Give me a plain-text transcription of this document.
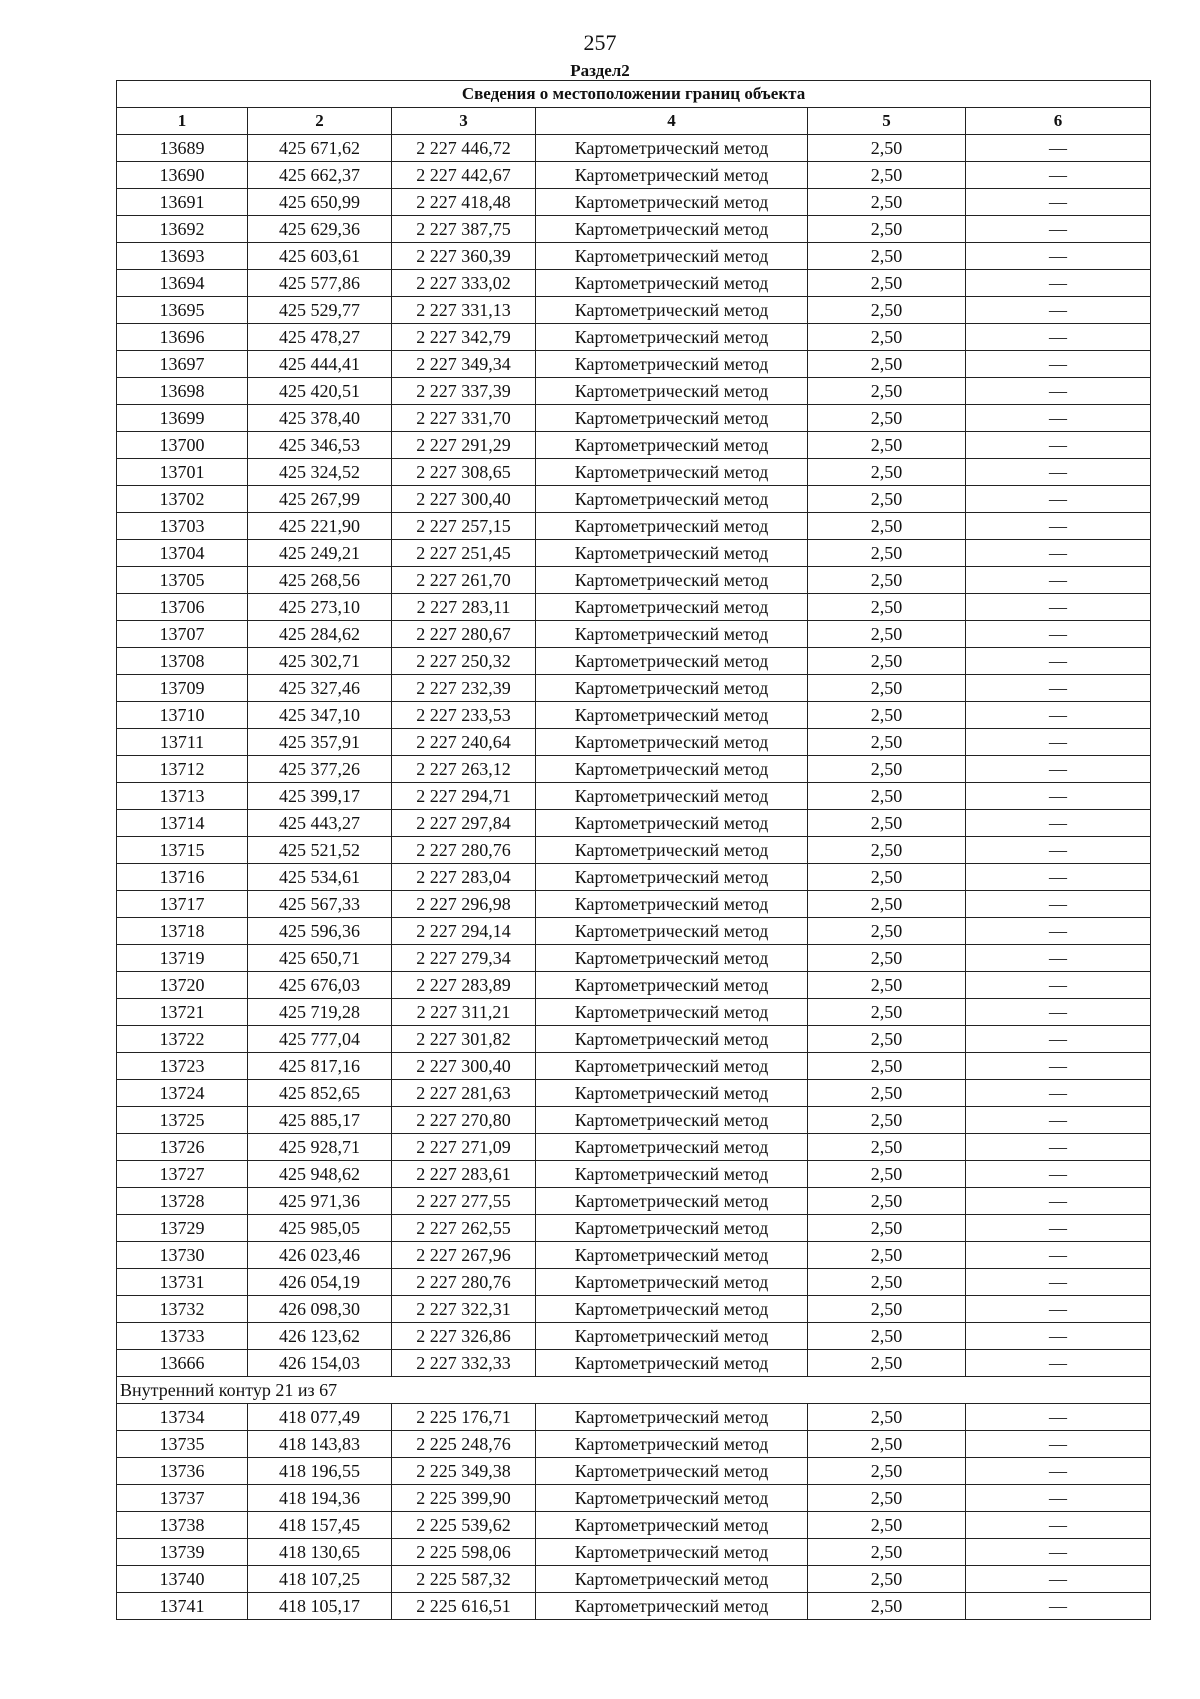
257
Раздел2
Сведения о местоположении границ объекта					
1	2	3	4	5	6
13689	425 671,62	2 227 446,72	Картометрический метод	2,50	—
13690	425 662,37	2 227 442,67	Картометрический метод	2,50	—
13691	425 650,99	2 227 418,48	Картометрический метод	2,50	—
13692	425 629,36	2 227 387,75	Картометрический метод	2,50	—
13693	425 603,61	2 227 360,39	Картометрический метод	2,50	—
13694	425 577,86	2 227 333,02	Картометрический метод	2,50	—
13695	425 529,77	2 227 331,13	Картометрический метод	2,50	—
13696	425 478,27	2 227 342,79	Картометрический метод	2,50	—
13697	425 444,41	2 227 349,34	Картометрический метод	2,50	—
13698	425 420,51	2 227 337,39	Картометрический метод	2,50	—
13699	425 378,40	2 227 331,70	Картометрический метод	2,50	—
13700	425 346,53	2 227 291,29	Картометрический метод	2,50	—
13701	425 324,52	2 227 308,65	Картометрический метод	2,50	—
13702	425 267,99	2 227 300,40	Картометрический метод	2,50	—
13703	425 221,90	2 227 257,15	Картометрический метод	2,50	—
13704	425 249,21	2 227 251,45	Картометрический метод	2,50	—
13705	425 268,56	2 227 261,70	Картометрический метод	2,50	—
13706	425 273,10	2 227 283,11	Картометрический метод	2,50	—
13707	425 284,62	2 227 280,67	Картометрический метод	2,50	—
13708	425 302,71	2 227 250,32	Картометрический метод	2,50	—
13709	425 327,46	2 227 232,39	Картометрический метод	2,50	—
13710	425 347,10	2 227 233,53	Картометрический метод	2,50	—
13711	425 357,91	2 227 240,64	Картометрический метод	2,50	—
13712	425 377,26	2 227 263,12	Картометрический метод	2,50	—
13713	425 399,17	2 227 294,71	Картометрический метод	2,50	—
13714	425 443,27	2 227 297,84	Картометрический метод	2,50	—
13715	425 521,52	2 227 280,76	Картометрический метод	2,50	—
13716	425 534,61	2 227 283,04	Картометрический метод	2,50	—
13717	425 567,33	2 227 296,98	Картометрический метод	2,50	—
13718	425 596,36	2 227 294,14	Картометрический метод	2,50	—
13719	425 650,71	2 227 279,34	Картометрический метод	2,50	—
13720	425 676,03	2 227 283,89	Картометрический метод	2,50	—
13721	425 719,28	2 227 311,21	Картометрический метод	2,50	—
13722	425 777,04	2 227 301,82	Картометрический метод	2,50	—
13723	425 817,16	2 227 300,40	Картометрический метод	2,50	—
13724	425 852,65	2 227 281,63	Картометрический метод	2,50	—
13725	425 885,17	2 227 270,80	Картометрический метод	2,50	—
13726	425 928,71	2 227 271,09	Картометрический метод	2,50	—
13727	425 948,62	2 227 283,61	Картометрический метод	2,50	—
13728	425 971,36	2 227 277,55	Картометрический метод	2,50	—
13729	425 985,05	2 227 262,55	Картометрический метод	2,50	—
13730	426 023,46	2 227 267,96	Картометрический метод	2,50	—
13731	426 054,19	2 227 280,76	Картометрический метод	2,50	—
13732	426 098,30	2 227 322,31	Картометрический метод	2,50	—
13733	426 123,62	2 227 326,86	Картометрический метод	2,50	—
13666	426 154,03	2 227 332,33	Картометрический метод	2,50	—
Внутренний контур 21 из 67					
13734	418 077,49	2 225 176,71	Картометрический метод	2,50	—
13735	418 143,83	2 225 248,76	Картометрический метод	2,50	—
13736	418 196,55	2 225 349,38	Картометрический метод	2,50	—
13737	418 194,36	2 225 399,90	Картометрический метод	2,50	—
13738	418 157,45	2 225 539,62	Картометрический метод	2,50	—
13739	418 130,65	2 225 598,06	Картометрический метод	2,50	—
13740	418 107,25	2 225 587,32	Картометрический метод	2,50	—
13741	418 105,17	2 225 616,51	Картометрический метод	2,50	—
